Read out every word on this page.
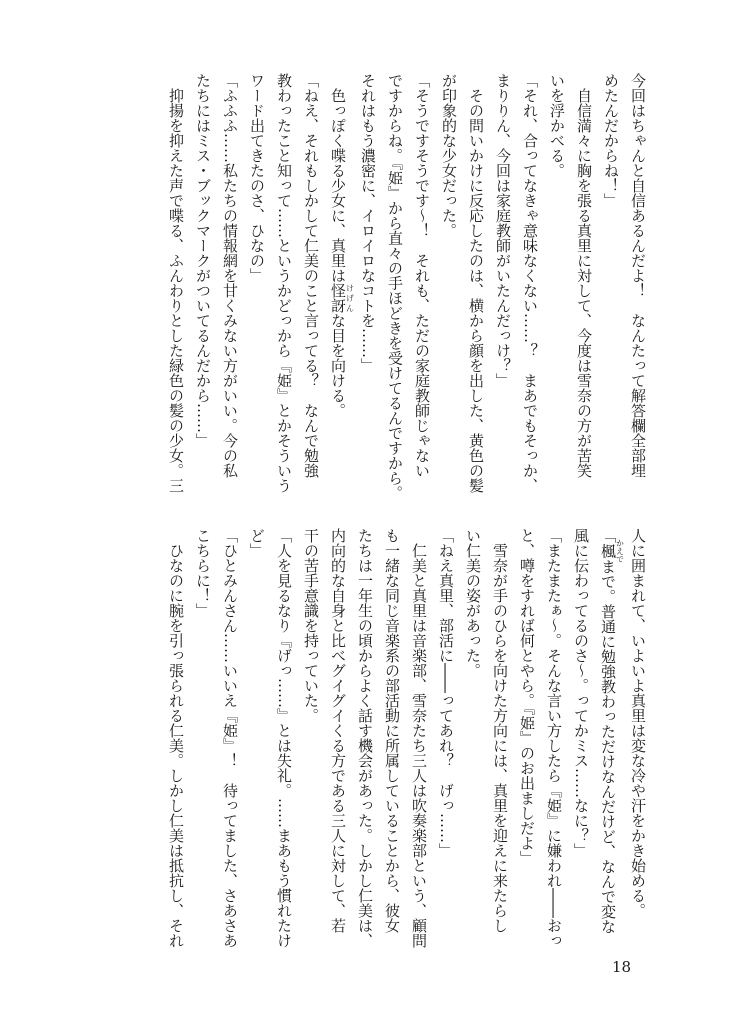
今回はちゃんと自信あるんだよ！　なんたって解答欄全部埋
めたんだからね！」
　自信満々に胸を張る真里に対して、今度は雪奈の方が苦笑
いを浮かべる。
「それ、合ってなきゃ意味なくない……？　まあでもそっか、
まりりん、今回は家庭教師がいたんだっけ？」
　その問いかけに反応したのは、横から顔を出した、黄色の髪
が印象的な少女だった。
「そうですそうです～！　それも、ただの家庭教師じゃない
ですからね。『姫』から直々の手ほどきを受けてるんですから。
それはもう濃密に、イロイロなコトを……」
　色っぽく喋る少女に、真里は怪訝けげんな目を向ける。
「ねえ、それもしかして仁美のこと言ってる？　なんで勉強
教わったこと知って……というかどっから『姫』とかそういう
ワード出てきたのさ、ひなの」
「ふふふ……私たちの情報網を甘くみない方がいい。今の私
たちにはミス・ブックマークがついてるんだから……」
　抑揚を抑えた声で喋る、ふんわりとした緑色の髪の少女。三
人に囲まれて、いよいよ真里は変な冷や汗をかき始める。
「楓かえでまで。普通に勉強教わっただけなんだけど、なんで変な
風に伝わってるのさ～。ってかミス……なに？」
「またまたぁ～。そんな言い方したら『姫』に嫌われ――おっ
と、噂をすれば何とやら。『姫』のお出ましだよ」
　雪奈が手のひらを向けた方向には、真里を迎えに来たらし
い仁美の姿があった。
「ねえ真里、部活に――ってあれ？　げっ……」
　仁美と真里は音楽部、雪奈たち三人は吹奏楽部という、顧問
も一緒な同じ音楽系の部活動に所属していることから、彼女
たちは一年生の頃からよく話す機会があった。しかし仁美は、
内向的な自身と比べグイグイくる方である三人に対して、若
干の苦手意識を持っていた。
「人を見るなり『げっ……』とは失礼。……まあもう慣れたけ
ど」
「ひとみんさん……いいえ『姫』！　待ってました、さあさあ
こちらに！」
　ひなのに腕を引っ張られる仁美。しかし仁美は抵抗し、それ
18
